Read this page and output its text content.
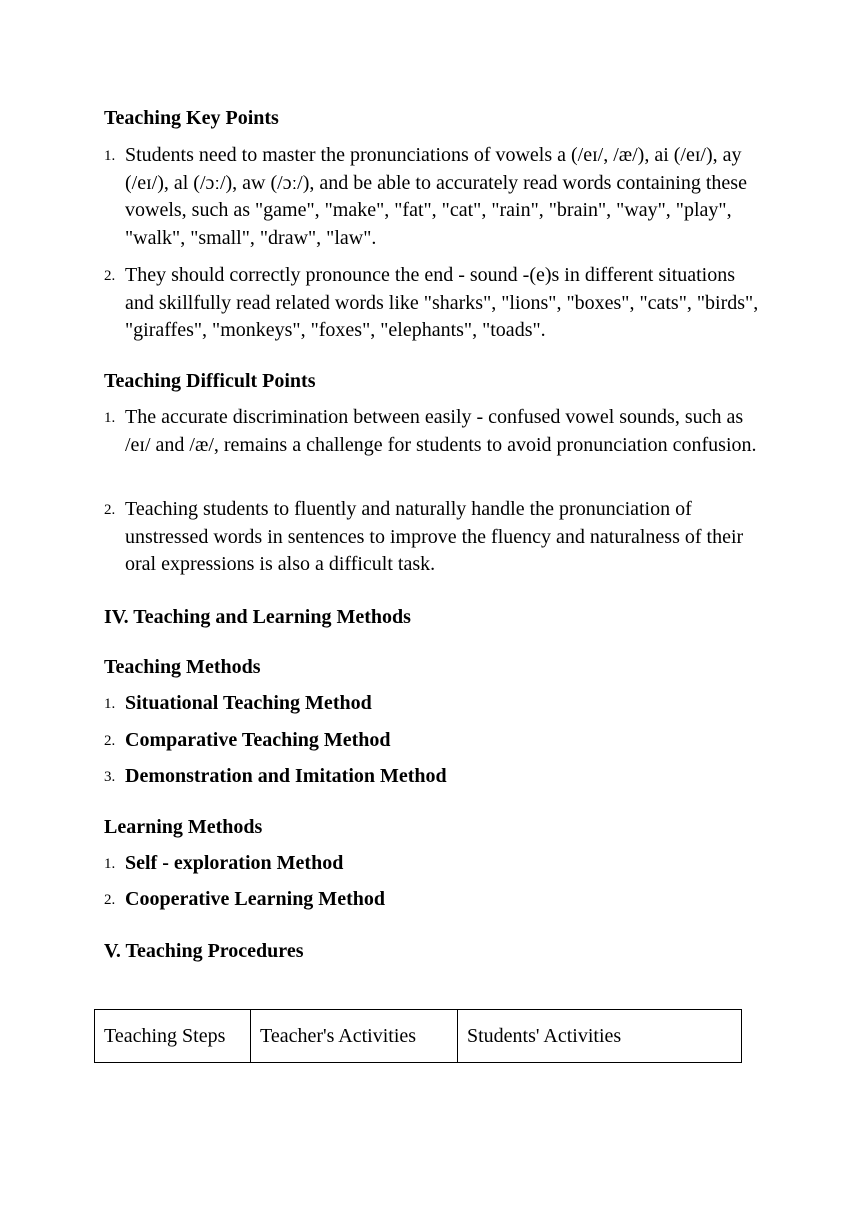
Teaching Key Points
1. Students need to master the pronunciations of vowels a (/eɪ/, /æ/), ai (/eɪ/), ay (/eɪ/), al (/ɔː/), aw (/ɔː/), and be able to accurately read words containing these vowels, such as "game", "make", "fat", "cat", "rain", "brain", "way", "play", "walk", "small", "draw", "law".
2. They should correctly pronounce the end - sound -(e)s in different situations and skillfully read related words like "sharks", "lions", "boxes", "cats", "birds", "giraffes", "monkeys", "foxes", "elephants", "toads".
Teaching Difficult Points
1. The accurate discrimination between easily - confused vowel sounds, such as /eɪ/ and /æ/, remains a challenge for students to avoid pronunciation confusion.
2. Teaching students to fluently and naturally handle the pronunciation of unstressed words in sentences to improve the fluency and naturalness of their oral expressions is also a difficult task.
IV. Teaching and Learning Methods
Teaching Methods
1. Situational Teaching Method
2. Comparative Teaching Method
3. Demonstration and Imitation Method
Learning Methods
1. Self - exploration Method
2. Cooperative Learning Method
V. Teaching Procedures
Teaching Steps	Teacher's Activities	Students' Activities
